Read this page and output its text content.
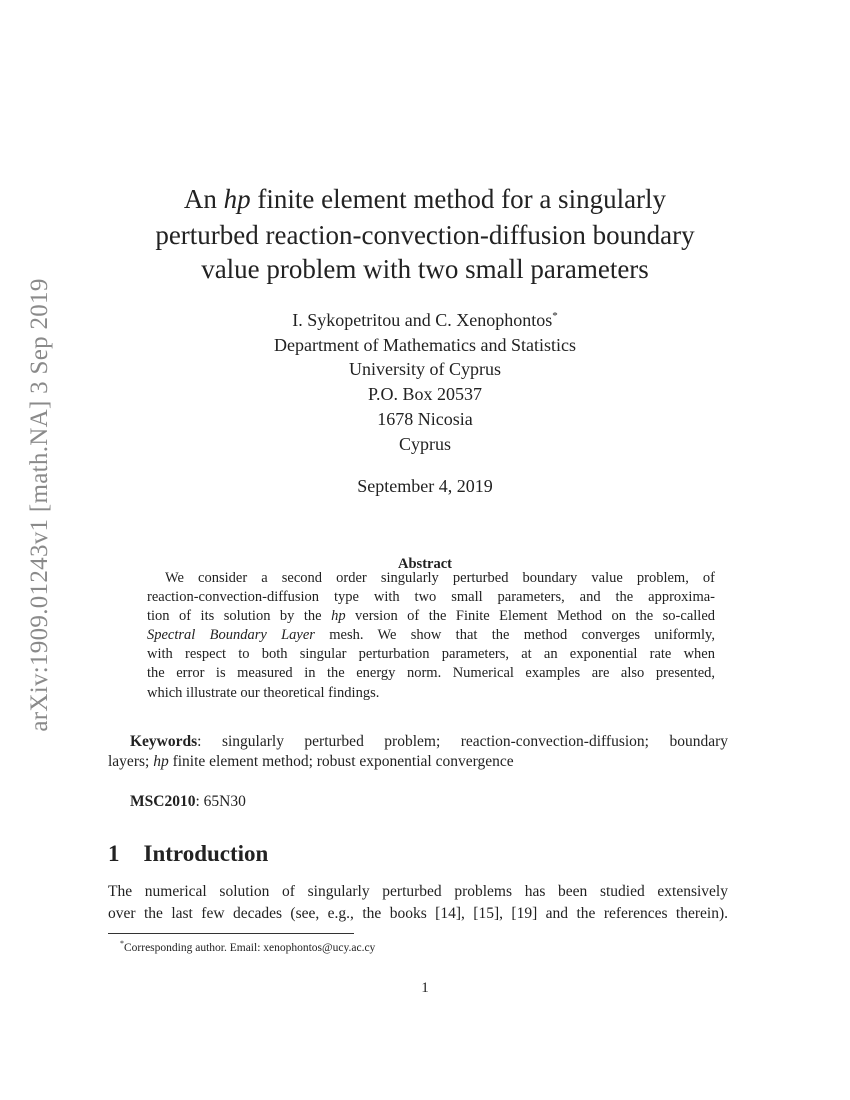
arXiv:1909.01243v1 [math.NA] 3 Sep 2019
An hp finite element method for a singularly
perturbed reaction-convection-diffusion boundary
value problem with two small parameters
I. Sykopetritou and C. Xenophontos*
Department of Mathematics and Statistics
University of Cyprus
P.O. Box 20537
1678 Nicosia
Cyprus
September 4, 2019
Abstract
We consider a second order singularly perturbed boundary value problem, of
reaction-convection-diffusion type with two small parameters, and the approxima-
tion of its solution by the hp version of the Finite Element Method on the so-called
Spectral Boundary Layer mesh. We show that the method converges uniformly,
with respect to both singular perturbation parameters, at an exponential rate when
the error is measured in the energy norm. Numerical examples are also presented,
which illustrate our theoretical findings.
Keywords: singularly perturbed problem; reaction-convection-diffusion; boundary
layers; hp finite element method; robust exponential convergence
MSC2010: 65N30
1 Introduction
The numerical solution of singularly perturbed problems has been studied extensively
over the last few decades (see, e.g., the books [14], [15], [19] and the references therein).
*Corresponding author. Email: xenophontos@ucy.ac.cy
1
